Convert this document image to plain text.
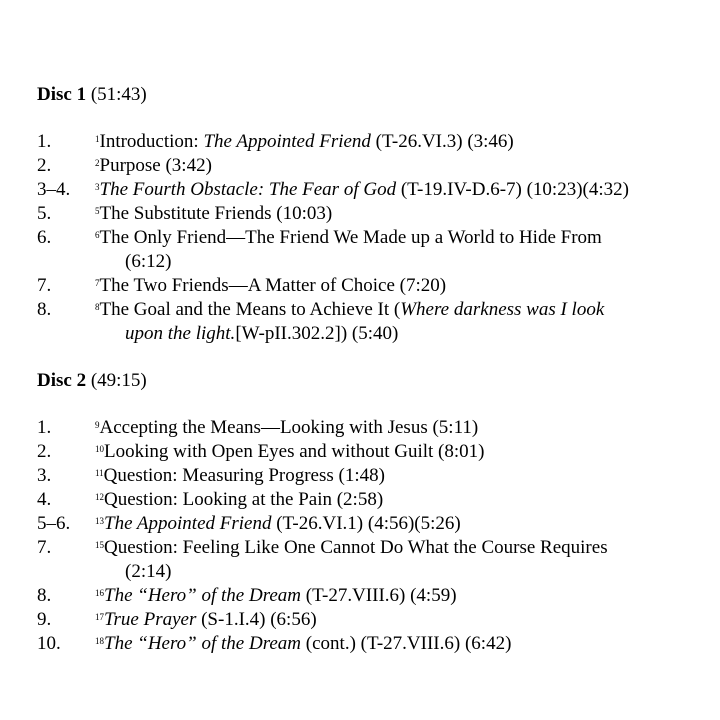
Disc 1 (51:43)
1.	$^1$Introduction: The Appointed Friend (T-26.VI.3) (3:46)
2.	$^2$Purpose (3:42)
3–4.	$^3$The Fourth Obstacle: The Fear of God (T-19.IV-D.6-7) (10:23)(4:32)
5.	$^5$The Substitute Friends (10:03)
6.	$^6$The Only Friend—The Friend We Made up a World to Hide From
(6:12)
7.	$^7$The Two Friends—A Matter of Choice (7:20)
8.	$^8$The Goal and the Means to Achieve It (Where darkness was I look
upon the light.[W-pII.302.2]) (5:40)
Disc 2 (49:15)
1.	$^9$Accepting the Means—Looking with Jesus (5:11)
2.	$^{10}$Looking with Open Eyes and without Guilt (8:01)
3.	$^{11}$Question: Measuring Progress (1:48)
4.	$^{12}$Question: Looking at the Pain (2:58)
5–6.	$^{13}$The Appointed Friend (T-26.VI.1) (4:56)(5:26)
7.	$^{15}$Question: Feeling Like One Cannot Do What the Course Requires
(2:14)
8.	$^{16}$The “Hero” of the Dream (T-27.VIII.6) (4:59)
9.	$^{17}$True Prayer (S-1.I.4) (6:56)
10.	$^{18}$The “Hero” of the Dream (cont.) (T-27.VIII.6) (6:42)
